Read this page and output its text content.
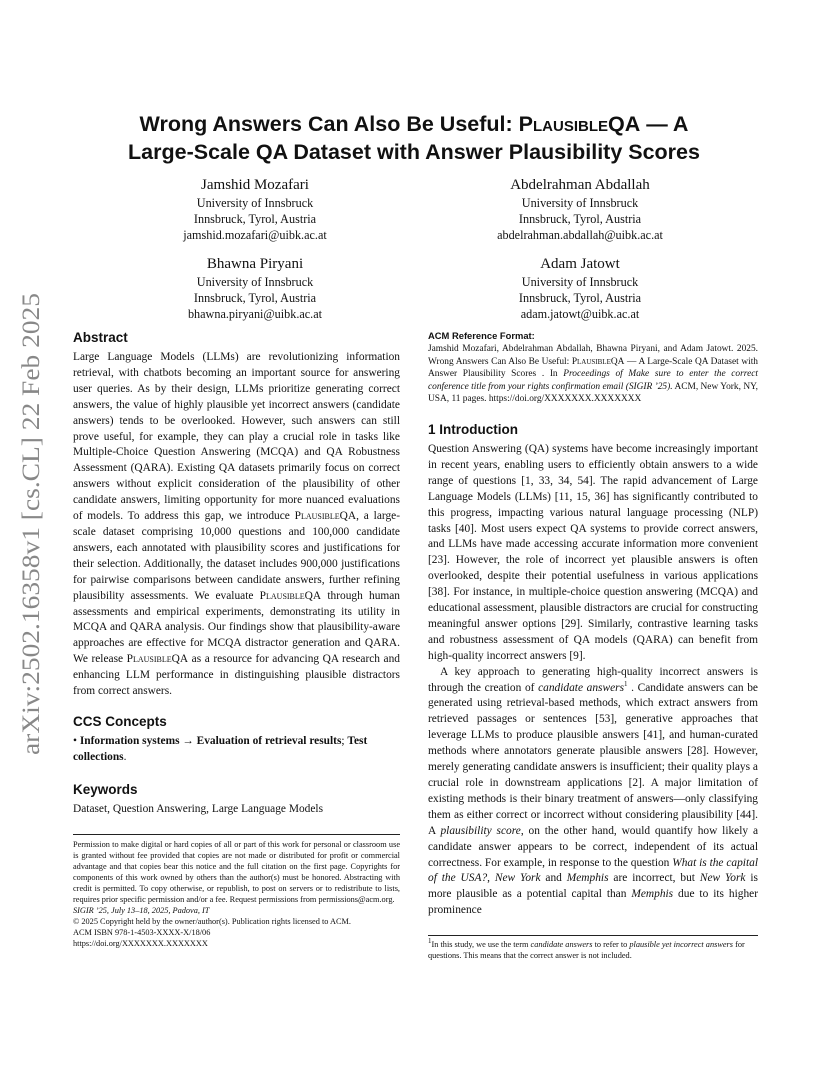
arXiv:2502.16358v1 [cs.CL] 22 Feb 2025
Wrong Answers Can Also Be Useful: PlausibleQA — A
Large-Scale QA Dataset with Answer Plausibility Scores
Jamshid Mozafari
University of Innsbruck
Innsbruck, Tyrol, Austria
jamshid.mozafari@uibk.ac.at
Abdelrahman Abdallah
University of Innsbruck
Innsbruck, Tyrol, Austria
abdelrahman.abdallah@uibk.ac.at
Bhawna Piryani
University of Innsbruck
Innsbruck, Tyrol, Austria
bhawna.piryani@uibk.ac.at
Adam Jatowt
University of Innsbruck
Innsbruck, Tyrol, Austria
adam.jatowt@uibk.ac.at
Abstract

Large Language Models (LLMs) are revolutionizing information retrieval, with chatbots becoming an important source for answering user queries. As by their design, LLMs prioritize generating correct answers, the value of highly plausible yet incorrect answers (candidate answers) tends to be overlooked. However, such answers can still prove useful, for example, they can play a crucial role in tasks like Multiple-Choice Question Answering (MCQA) and QA Robustness Assessment (QARA). Existing QA datasets primarily focus on correct answers without explicit consideration of the plausibility of other candidate answers, limiting opportunity for more nuanced evaluations of models. To address this gap, we introduce PlausibleQA, a large-scale dataset comprising 10,000 questions and 100,000 candidate answers, each annotated with plausibility scores and justifications for their selection. Additionally, the dataset includes 900,000 justifications for pairwise comparisons between candidate answers, further refining plausibility assessments. We evaluate PlausibleQA through human assessments and empirical experiments, demonstrating its utility in MCQA and QARA analysis. Our findings show that plausibility-aware approaches are effective for MCQA distractor generation and QARA. We release PlausibleQA as a resource for advancing QA research and enhancing LLM performance in distinguishing plausible distractors from correct answers.

CCS Concepts

• Information systems → Evaluation of retrieval results; Test collections.

Keywords

Dataset, Question Answering, Large Language Models

Permission to make digital or hard copies of all or part of this work for personal or classroom use is granted without fee provided that copies are not made or distributed for profit or commercial advantage and that copies bear this notice and the full citation on the first page. Copyrights for components of this work owned by others than the author(s) must be honored. Abstracting with credit is permitted. To copy otherwise, or republish, to post on servers or to redistribute to lists, requires prior specific permission and/or a fee. Request permissions from permissions@acm.org.
SIGIR ’25, July 13–18, 2025, Padova, IT
© 2025 Copyright held by the owner/author(s). Publication rights licensed to ACM.
ACM ISBN 978-1-4503-XXXX-X/18/06
https://doi.org/XXXXXXX.XXXXXXX
ACM Reference Format:

Jamshid Mozafari, Abdelrahman Abdallah, Bhawna Piryani, and Adam Jatowt. 2025. Wrong Answers Can Also Be Useful: PlausibleQA — A Large-Scale QA Dataset with Answer Plausibility Scores . In Proceedings of Make sure to enter the correct conference title from your rights confirmation email (SIGIR ’25). ACM, New York, NY, USA, 11 pages. https://doi.org/XXXXXXX.XXXXXXX

1 Introduction

Question Answering (QA) systems have become increasingly important in recent years, enabling users to efficiently obtain answers to a wide range of questions [1, 33, 34, 54]. The rapid advancement of Large Language Models (LLMs) [11, 15, 36] has significantly contributed to this progress, impacting various natural language processing (NLP) tasks [40]. Most users expect QA systems to provide correct answers, and LLMs have made accessing accurate information more convenient [23]. However, the role of incorrect yet plausible answers is often overlooked, despite their potential usefulness in various applications [38]. For instance, in multiple-choice question answering (MCQA) and educational assessment, plausible distractors are crucial for constructing meaningful answer options [29]. Similarly, contrastive learning tasks and robustness assessment of QA models (QARA) can benefit from high-quality incorrect answers [9].

A key approach to generating high-quality incorrect answers is through the creation of candidate answers$^1$ . Candidate answers can be generated using retrieval-based methods, which extract answers from retrieved passages or sentences [53], generative approaches that leverage LLMs to produce plausible answers [41], and human-curated methods where annotators generate plausible answers [28]. However, merely generating candidate answers is insufficient; their quality plays a crucial role in downstream applications [2]. A major limitation of existing methods is their binary treatment of answers—only classifying them as either correct or incorrect without considering plausibility [44]. A plausibility score, on the other hand, would quantify how likely a candidate answer appears to be correct, independent of its actual correctness. For example, in response to the question What is the capital of the USA?, New York and Memphis are incorrect, but New York is more plausible as a potential capital than Memphis due to its higher prominence

$^1$In this study, we use the term candidate answers to refer to plausible yet incorrect answers for questions. This means that the correct answer is not included.
